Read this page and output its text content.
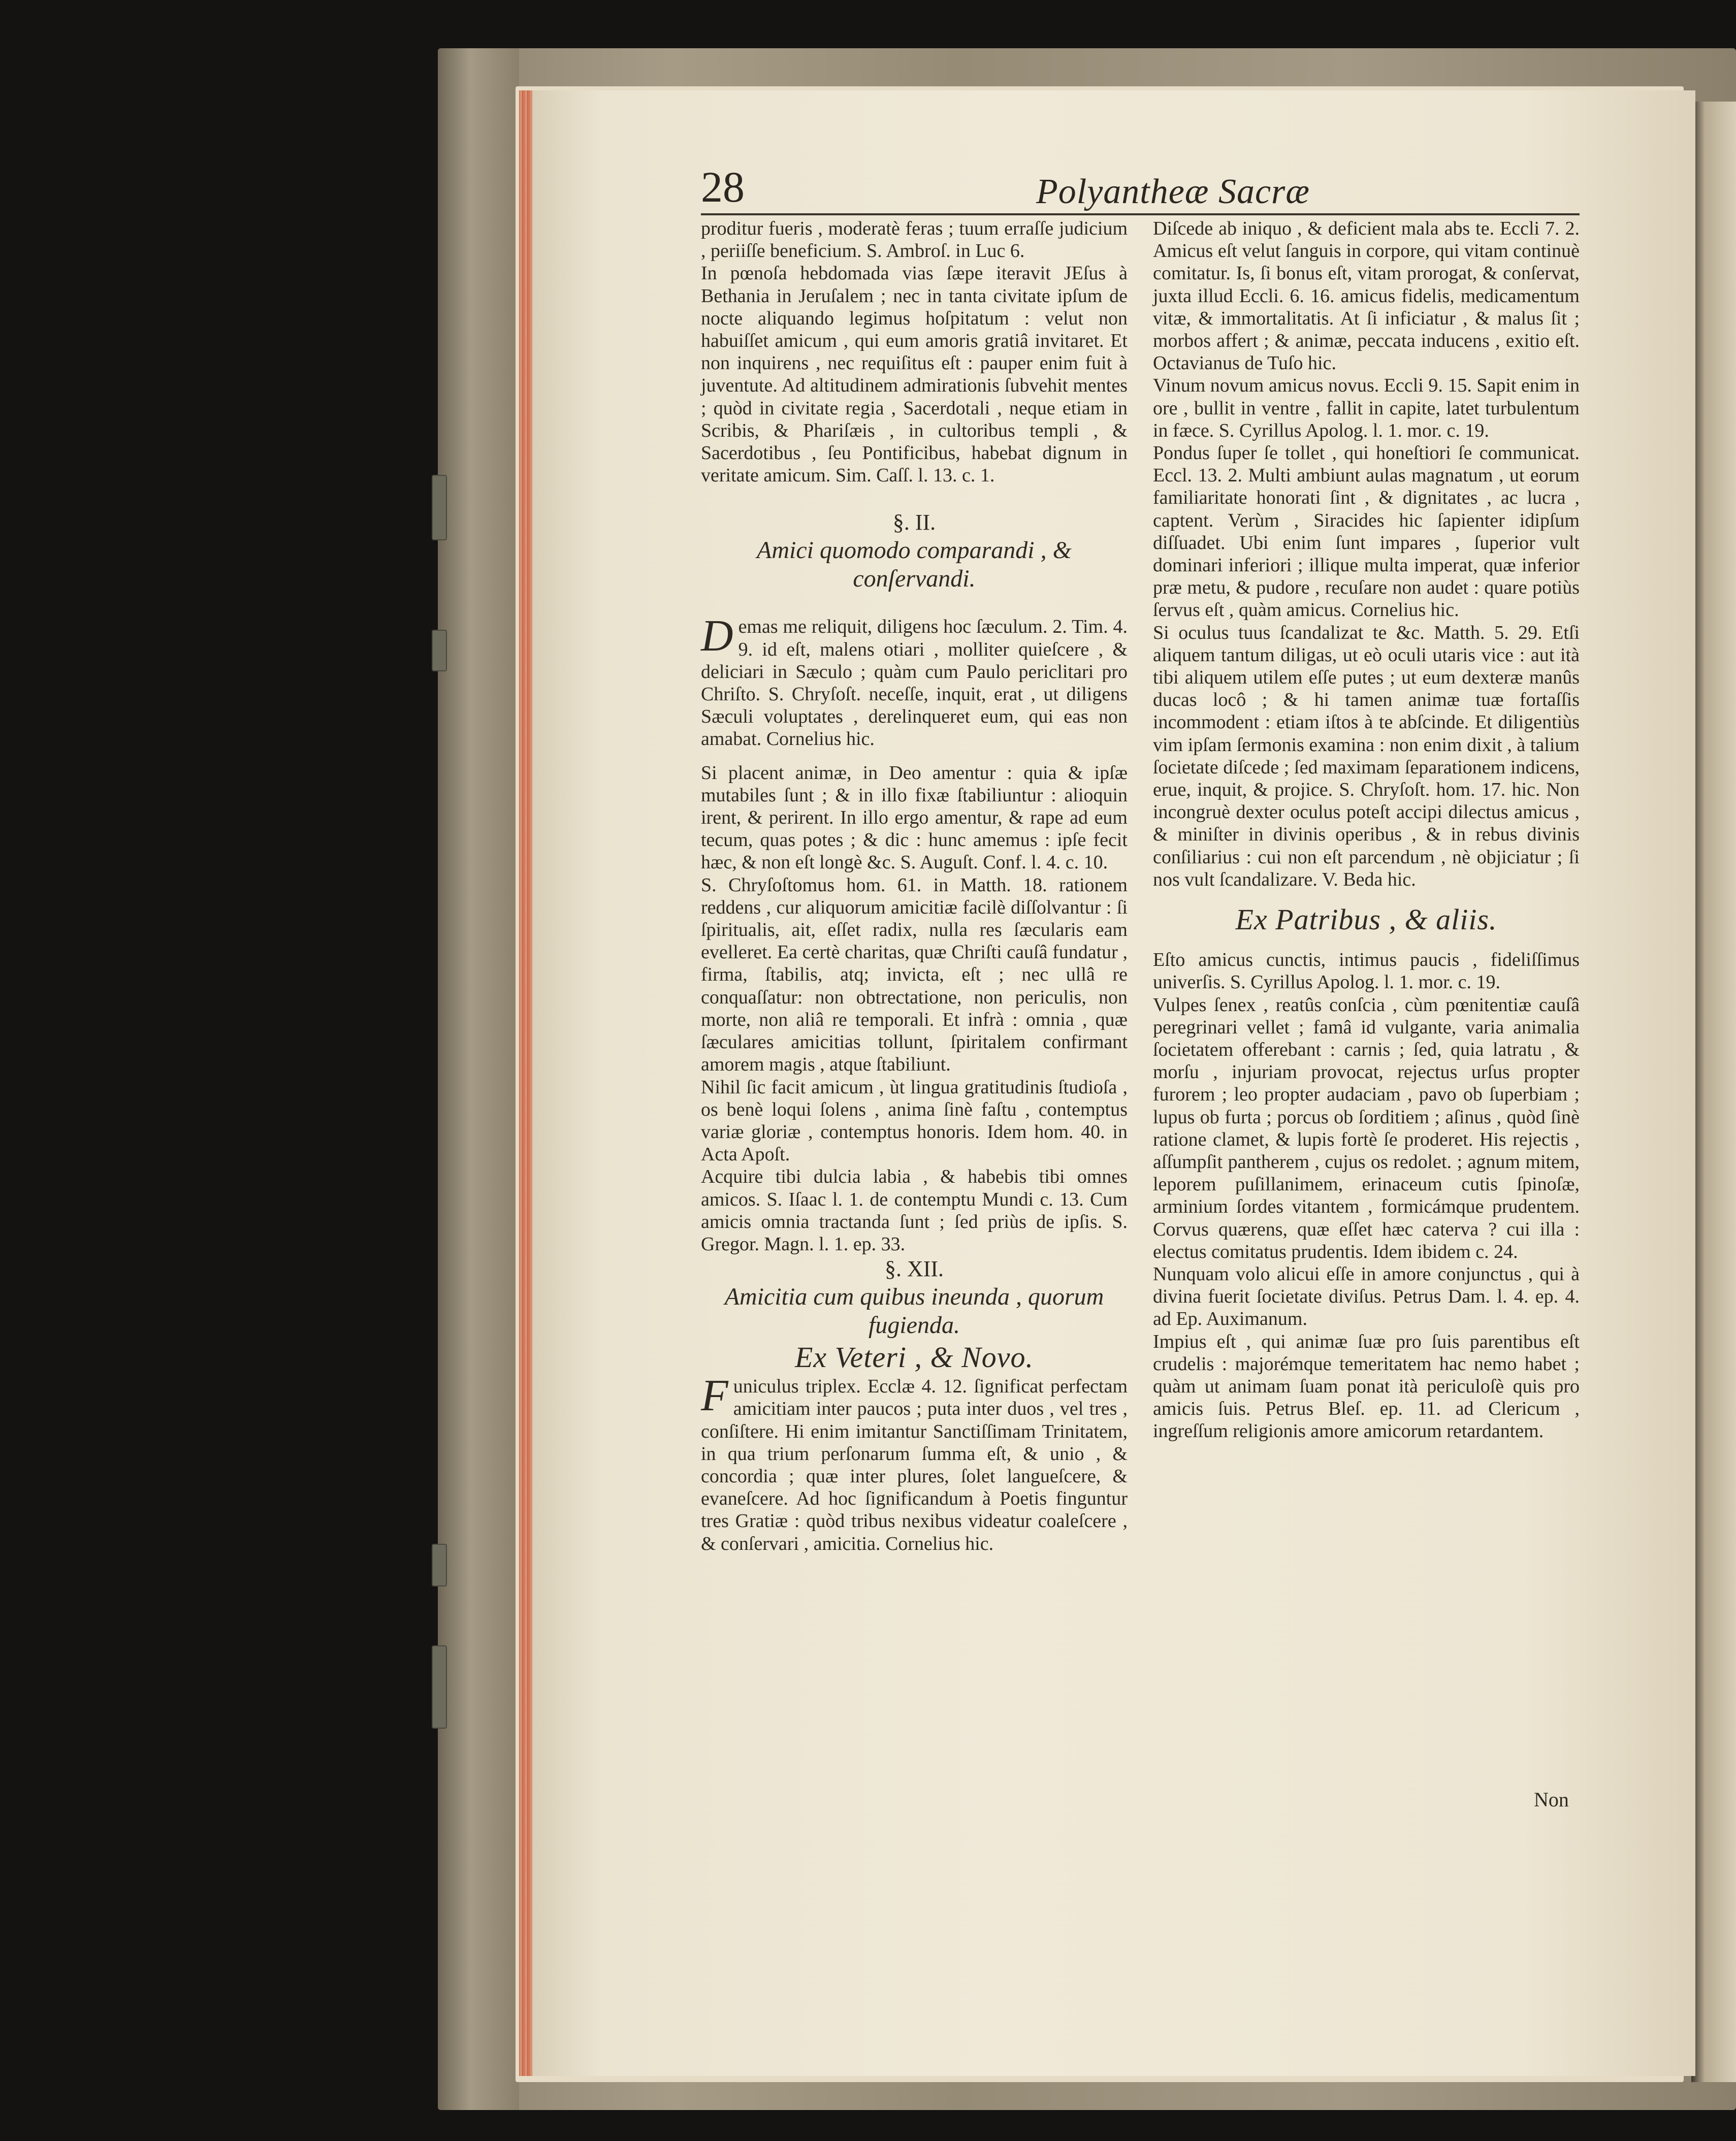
28	Polyantheæ Sacræ

proditur fueris , moderatè feras ; tuum erraſſe judicium , periiſſe beneficium. S. Ambroſ. in Luc 6.

In pœnoſa hebdomada vias ſæpe iteravit JEſus à Bethania in Jeruſalem ; nec in tanta civitate ipſum de nocte aliquando legimus hoſpitatum : velut non habuiſſet amicum , qui eum amoris gratiâ invitaret. Et non inquirens , nec requiſitus eſt : pauper enim fuit à juventute. Ad altitudinem admirationis ſubvehit mentes ; quòd in civitate regia , Sacerdotali , neque etiam in Scribis, & Phariſæis , in cultoribus templi , & Sacerdotibus , ſeu Pontificibus, habebat dignum in veritate amicum. Sim. Caſſ. l. 13. c. 1.

§. II.

Amici quomodo comparandi , & conſervandi.

Demas me reliquit, diligens hoc ſæculum. 2. Tim. 4. 9. id eſt, malens otiari , molliter quieſcere , & deliciari in Sæculo ; quàm cum Paulo periclitari pro Chriſto. S. Chryſoſt. neceſſe, inquit, erat , ut diligens Sæculi voluptates , derelinqueret eum, qui eas non amabat. Cornelius hic.

Si placent animæ, in Deo amentur : quia & ipſæ mutabiles ſunt ; & in illo fixæ ſtabiliuntur : alioquin irent, & perirent. In illo ergo amentur, & rape ad eum tecum, quas potes ; & dic : hunc amemus : ipſe fecit hæc, & non eſt longè &c. S. Auguſt. Conf. l. 4. c. 10.

S. Chryſoſtomus hom. 61. in Matth. 18. rationem reddens , cur aliquorum amicitiæ facilè diſſolvantur : ſi ſpiritualis, ait, eſſet radix, nulla res ſæcularis eam evelleret. Ea certè charitas, quæ Chriſti cauſâ fundatur , firma, ſtabilis, atq; invicta, eſt ; nec ullâ re conquaſſatur: non obtrectatione, non periculis, non morte, non aliâ re temporali. Et infrà : omnia , quæ ſæculares amicitias tollunt, ſpiritalem confirmant amorem magis , atque ſtabiliunt.

Nihil ſic facit amicum , ùt lingua gratitudinis ſtudioſa , os benè loqui ſolens , anima ſinè faſtu , contemptus variæ gloriæ , contemptus honoris. Idem hom. 40. in Acta Apoſt.

Acquire tibi dulcia labia , & habebis tibi omnes amicos. S. Iſaac l. 1. de contemptu Mundi c. 13. Cum amicis omnia tractanda ſunt ; ſed priùs de ipſis. S. Gregor. Magn. l. 1. ep. 33.

§. XII.

Amicitia cum quibus ineunda , quorum fugienda.

Ex Veteri , & Novo.

Funiculus triplex. Ecclæ 4. 12. ſignificat perfectam amicitiam inter paucos ; puta inter duos , vel tres , conſiſtere. Hi enim imitantur Sanctiſſimam Trinitatem, in qua trium perſonarum ſumma eſt, & unio , & concordia ; quæ inter plures, ſolet langueſcere, & evaneſcere. Ad hoc ſignificandum à Poetis finguntur tres Gratiæ : quòd tribus nexibus videatur coaleſcere , & conſervari , amicitia. Cornelius hic.

Diſcede ab iniquo , & deficient mala abs te. Eccli 7. 2. Amicus eſt velut ſanguis in corpore, qui vitam continuè comitatur. Is, ſi bonus eſt, vitam prorogat, & conſervat, juxta illud Eccli. 6. 16. amicus fidelis, medicamentum vitæ, & immortalitatis. At ſi inficiatur , & malus ſit ; morbos affert ; & animæ, peccata inducens , exitio eſt. Octavianus de Tuſo hic.

Vinum novum amicus novus. Eccli 9. 15. Sapit enim in ore , bullit in ventre , fallit in capite, latet turbulentum in fæce. S. Cyrillus Apolog. l. 1. mor. c. 19.

Pondus ſuper ſe tollet , qui honeſtiori ſe communicat. Eccl. 13. 2. Multi ambiunt aulas magnatum , ut eorum familiaritate honorati ſint , & dignitates , ac lucra , captent. Verùm , Siracides hic ſapienter idipſum diſſuadet. Ubi enim ſunt impares , ſuperior vult dominari inferiori ; illique multa imperat, quæ inferior præ metu, & pudore , recuſare non audet : quare potiùs ſervus eſt , quàm amicus. Cornelius hic.

Si oculus tuus ſcandalizat te &c. Matth. 5. 29. Etſi aliquem tantum diligas, ut eò oculi utaris vice : aut ità tibi aliquem utilem eſſe putes ; ut eum dexteræ manûs ducas locô ; & hi tamen animæ tuæ fortaſſis incommodent : etiam iſtos à te abſcinde. Et diligentiùs vim ipſam ſermonis examina : non enim dixit , à talium ſocietate diſcede ; ſed maximam ſeparationem indicens, erue, inquit, & projice. S. Chryſoſt. hom. 17. hic. Non incongruè dexter oculus poteſt accipi dilectus amicus , & miniſter in divinis operibus , & in rebus divinis conſiliarius : cui non eſt parcendum , nè objiciatur ; ſi nos vult ſcandalizare. V. Beda hic.

Ex Patribus , & aliis.

Eſto amicus cunctis, intimus paucis , fideliſſimus univerſis. S. Cyrillus Apolog. l. 1. mor. c. 19.

Vulpes ſenex , reatûs conſcia , cùm pœnitentiæ cauſâ peregrinari vellet ; famâ id vulgante, varia animalia ſocietatem offerebant : carnis ; ſed, quia latratu , & morſu , injuriam provocat, rejectus urſus propter furorem ; leo propter audaciam , pavo ob ſuperbiam ; lupus ob furta ; porcus ob ſorditiem ; aſinus , quòd ſinè ratione clamet, & lupis fortè ſe proderet. His rejectis , aſſumpſit pantherem , cujus os redolet. ; agnum mitem, leporem puſillanimem, erinaceum cutis ſpinoſæ, arminium ſordes vitantem , formicámque prudentem. Corvus quærens, quæ eſſet hæc caterva ? cui illa : electus comitatus prudentis. Idem ibidem c. 24.

Nunquam volo alicui eſſe in amore conjunctus , qui à divina fuerit ſocietate diviſus. Petrus Dam. l. 4. ep. 4. ad Ep. Auximanum.

Impius eſt , qui animæ ſuæ pro ſuis parentibus eſt crudelis : majorémque temeritatem hac nemo habet ; quàm ut animam ſuam ponat ità periculoſè quis pro amicis ſuis. Petrus Bleſ. ep. 11. ad Clericum , ingreſſum religionis amore amicorum retardantem.

Non
